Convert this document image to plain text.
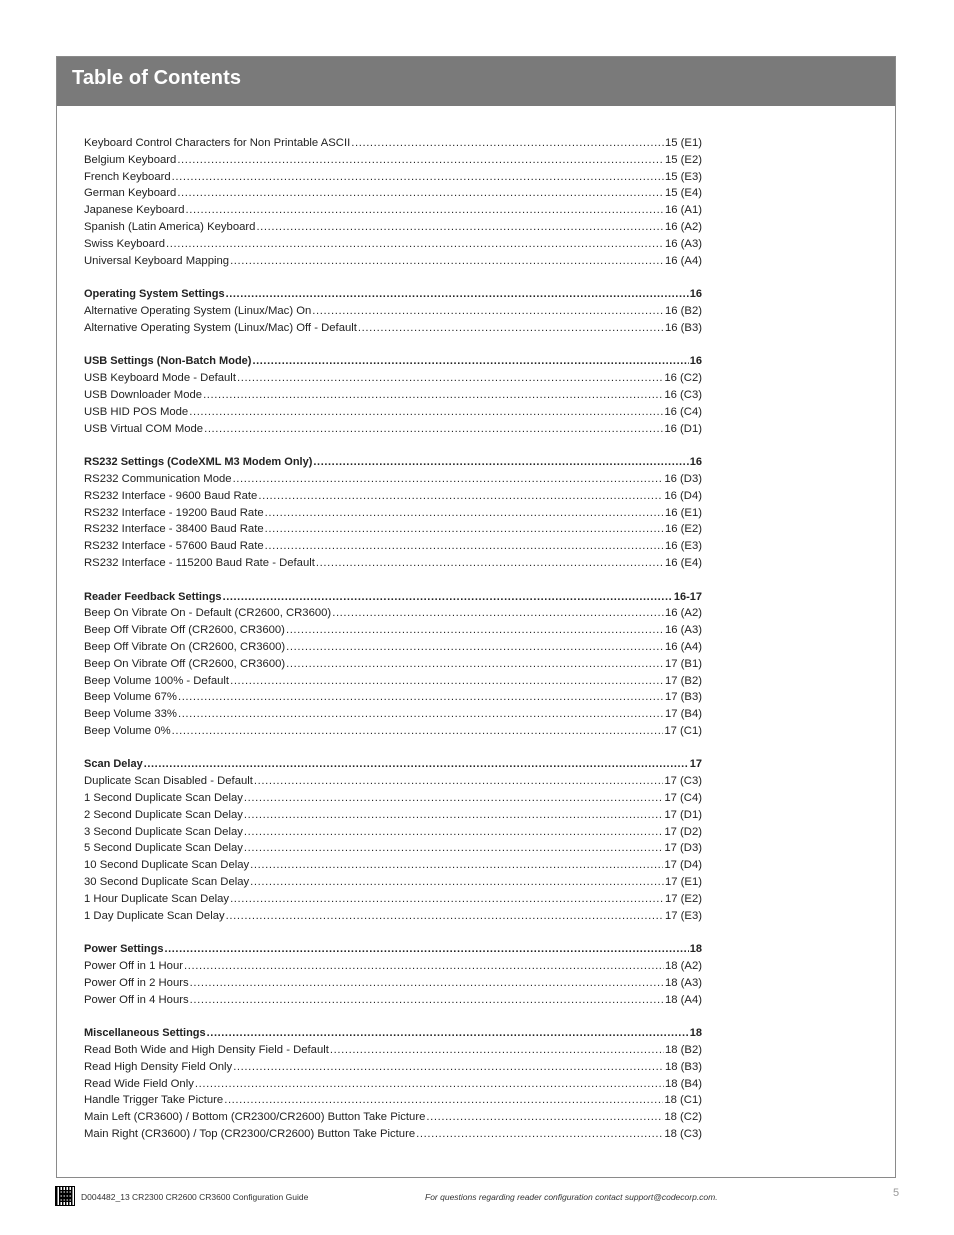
Table of Contents
Keyboard Control Characters for Non Printable ASCII .....	15 (E1)
Belgium Keyboard .....	15 (E2)
French Keyboard .....	15 (E3)
German Keyboard .....	15 (E4)
Japanese Keyboard .....	16 (A1)
Spanish (Latin America) Keyboard .....	16 (A2)
Swiss Keyboard .....	16 (A3)
Universal Keyboard Mapping .....	16 (A4)
Operating System Settings .....	16
Alternative Operating System (Linux/Mac) On .....	16 (B2)
Alternative Operating System (Linux/Mac) Off - Default .....	16 (B3)
USB Settings (Non-Batch Mode) .....	16
USB Keyboard Mode - Default .....	16 (C2)
USB Downloader Mode .....	16 (C3)
USB HID POS Mode .....	16 (C4)
USB Virtual COM Mode .....	16 (D1)
RS232 Settings (CodeXML M3 Modem Only) .....	16
RS232 Communication Mode .....	16 (D3)
RS232 Interface - 9600 Baud Rate .....	16 (D4)
RS232 Interface - 19200 Baud Rate .....	16 (E1)
RS232 Interface - 38400 Baud Rate .....	16 (E2)
RS232 Interface - 57600 Baud Rate .....	16 (E3)
RS232 Interface - 115200 Baud Rate - Default .....	16 (E4)
Reader Feedback Settings .....	16-17
Beep On Vibrate On - Default (CR2600, CR3600) .....	16 (A2)
Beep Off Vibrate Off (CR2600, CR3600) .....	16 (A3)
Beep Off Vibrate On (CR2600, CR3600) .....	16 (A4)
Beep On Vibrate Off (CR2600, CR3600) .....	17 (B1)
Beep Volume 100% - Default .....	17 (B2)
Beep Volume 67% .....	17 (B3)
Beep Volume 33% .....	17 (B4)
Beep Volume 0% .....	17 (C1)
Scan Delay .....	17
Duplicate Scan Disabled - Default .....	17 (C3)
1 Second Duplicate Scan Delay .....	17 (C4)
2 Second Duplicate Scan Delay .....	17 (D1)
3 Second Duplicate Scan Delay .....	17 (D2)
5 Second Duplicate Scan Delay .....	17 (D3)
10 Second Duplicate Scan Delay .....	17 (D4)
30 Second Duplicate Scan Delay .....	17 (E1)
1 Hour Duplicate Scan Delay .....	17 (E2)
1 Day Duplicate Scan Delay .....	17 (E3)
Power Settings .....	18
Power Off in 1 Hour .....	18 (A2)
Power Off in 2 Hours .....	18 (A3)
Power Off in 4 Hours .....	18 (A4)
Miscellaneous Settings .....	18
Read Both Wide and High Density Field - Default .....	18 (B2)
Read High Density Field Only .....	18 (B3)
Read Wide Field Only .....	18 (B4)
Handle Trigger Take Picture .....	18 (C1)
Main Left (CR3600) / Bottom (CR2300/CR2600) Button Take Picture .....	18 (C2)
Main Right (CR3600) / Top (CR2300/CR2600) Button Take Picture .....	18 (C3)
D004482_13 CR2300 CR2600 CR3600 Configuration Guide	For questions regarding reader configuration contact support@codecorp.com.	5
